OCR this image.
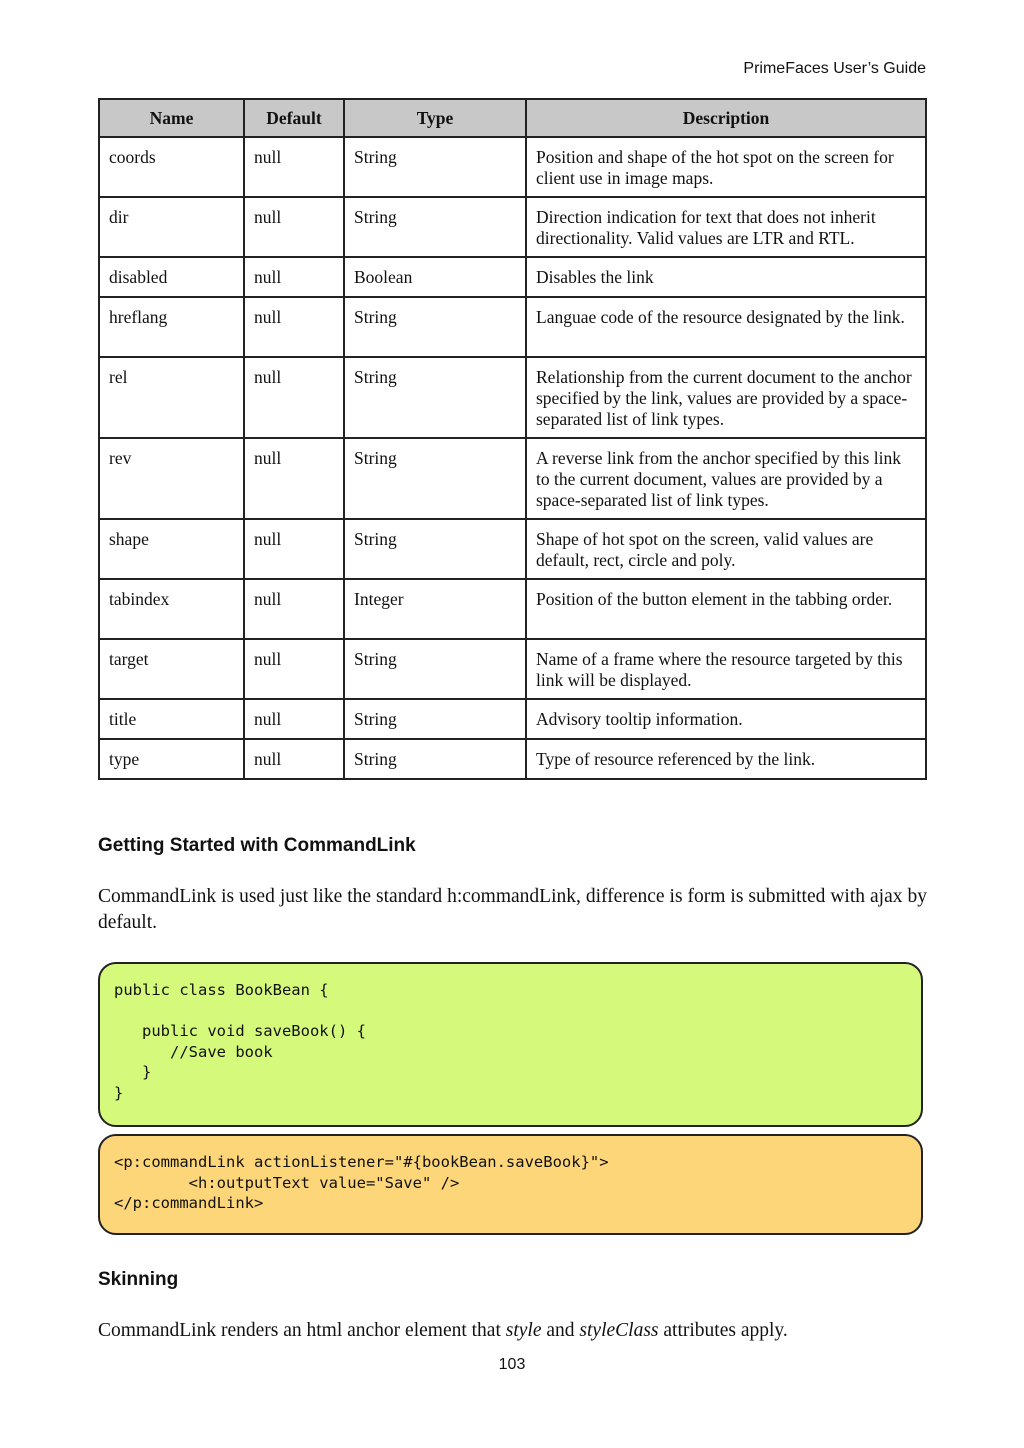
PrimeFaces User’s Guide
Name	Default	Type	Description
coords	null	String	Position and shape of the hot spot on the screen for client use in image maps.
dir	null	String	Direction indication for text that does not inherit directionality. Valid values are LTR and RTL.
disabled	null	Boolean	Disables the link
hreflang	null	String	Languae code of the resource designated by the link.
rel	null	String	Relationship from the current document to the anchor specified by the link, values are provided by a space-separated list of link types.
rev	null	String	A reverse link from the anchor specified by this link to the current document, values are provided by a space-separated list of link types.
shape	null	String	Shape of hot spot on the screen, valid values are default, rect, circle and poly.
tabindex	null	Integer	Position of the button element in the tabbing order.
target	null	String	Name of a frame where the resource targeted by this link will be displayed.
title	null	String	Advisory tooltip information.
type	null	String	Type of resource referenced by the link.
Getting Started with CommandLink
CommandLink is used just like the standard h:commandLink, difference is form is submitted with ajax by default.
public class BookBean {

public void saveBook() {
//Save book
}
}
<p:commandLink actionListener="#{bookBean.saveBook}">
<h:outputText value="Save" />
</p:commandLink>
Skinning
CommandLink renders an html anchor element that style and styleClass attributes apply.
103
